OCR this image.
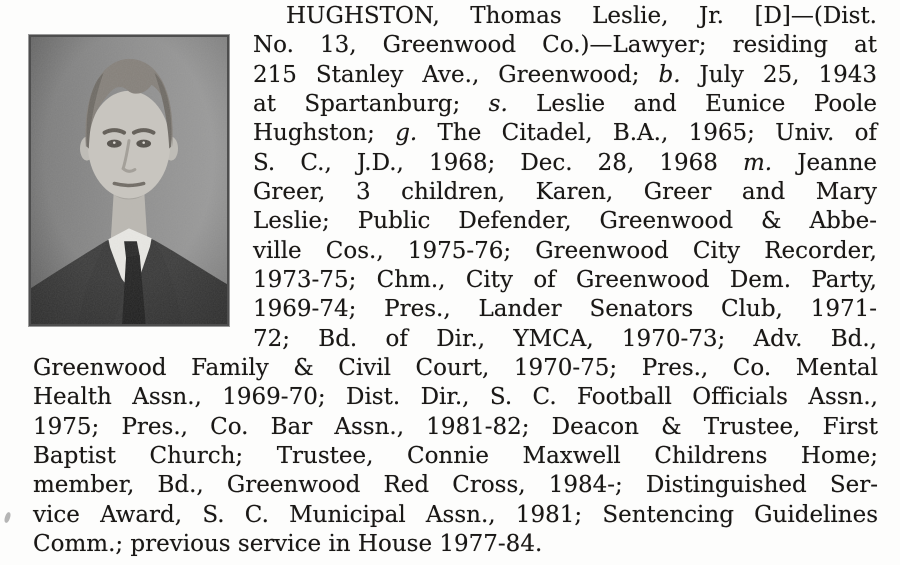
HUGHSTON, Thomas Leslie, Jr. [D]—(Dist.
No. 13, Greenwood Co.)—Lawyer; residing at
215 Stanley Ave., Greenwood; b. July 25, 1943
at Spartanburg; s. Leslie and Eunice Poole
Hughston; g. The Citadel, B.A., 1965; Univ. of
S. C., J.D., 1968; Dec. 28, 1968 m. Jeanne
Greer, 3 children, Karen, Greer and Mary
Leslie; Public Defender, Greenwood & Abbe-
ville Cos., 1975-76; Greenwood City Recorder,
1973-75; Chm., City of Greenwood Dem. Party,
1969-74; Pres., Lander Senators Club, 1971-
72; Bd. of Dir., YMCA, 1970-73; Adv. Bd.,
Greenwood Family & Civil Court, 1970-75; Pres., Co. Mental
Health Assn., 1969-70; Dist. Dir., S. C. Football Officials Assn.,
1975; Pres., Co. Bar Assn., 1981-82; Deacon & Trustee, First
Baptist Church; Trustee, Connie Maxwell Childrens Home;
member, Bd., Greenwood Red Cross, 1984-; Distinguished Ser-
vice Award, S. C. Municipal Assn., 1981; Sentencing Guidelines
Comm.; previous service in House 1977-84.
